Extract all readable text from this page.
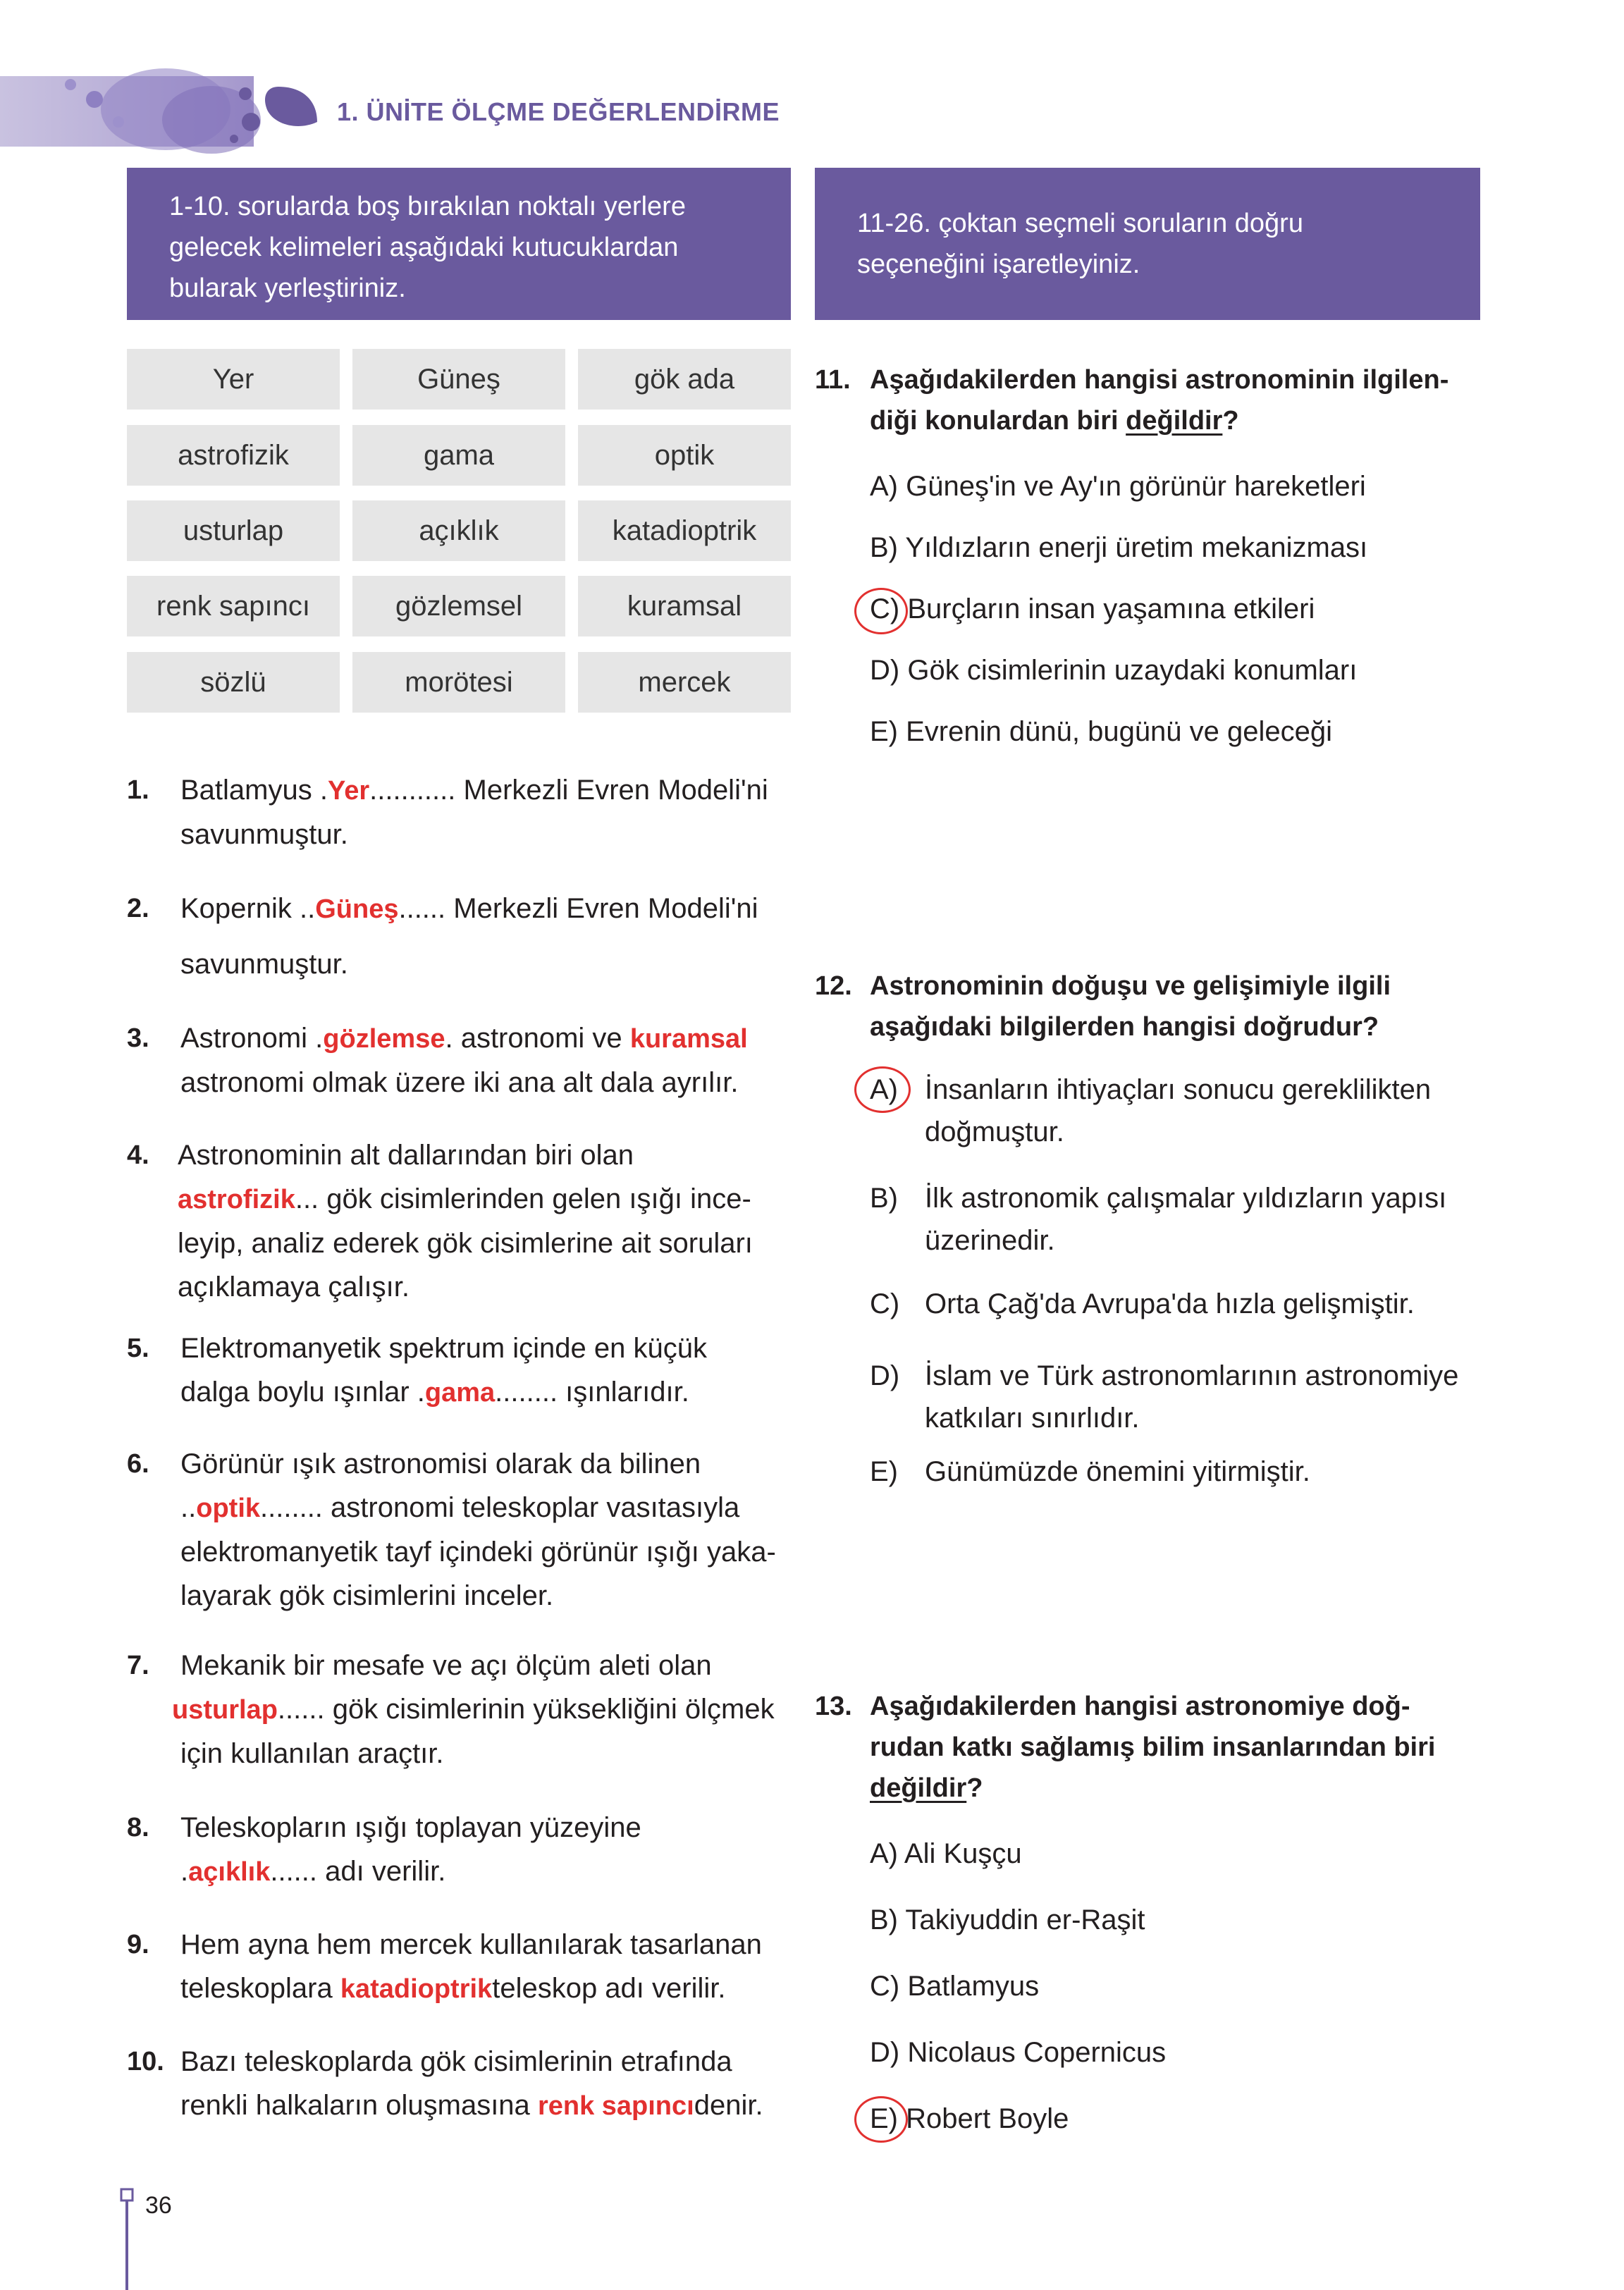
1. ÜNİTE ÖLÇME DEĞERLENDİRME
1-10. sorularda boş bırakılan noktalı yerlere gelecek kelimeleri aşağıdaki kutucuklardan bularak yerleştiriniz.
11-26. çoktan seçmeli soruların doğru seçeneğini işaretleyiniz.
Yer	Güneş	gök ada
astrofizik	gama	optik
usturlap	açıklık	katadioptrik
renk sapıncı	gözlemsel	kuramsal
sözlü	morötesi	mercek
1. Batlamyus .Yer........... Merkezli Evren Modeli'ni
savunmuştur.
2. Kopernik ..Güneş...... Merkezli Evren Modeli'ni
savunmuştur.
3. Astronomi .gözlemse. astronomi ve kuramsal
astronomi olmak üzere iki ana alt dala ayrılır.
4. Astronominin alt dallarından biri olan
astrofizik... gök cisimlerinden gelen ışığı ince-
leyip, analiz ederek gök cisimlerine ait soruları
açıklamaya çalışır.
5. Elektromanyetik spektrum içinde en küçük
dalga boylu ışınlar .gama........ ışınlarıdır.
6. Görünür ışık astronomisi olarak da bilinen
..optik........ astronomi teleskoplar vasıtasıyla
elektromanyetik tayf içindeki görünür ışığı yaka-
layarak gök cisimlerini inceler.
7.	Mekanik bir mesafe ve açı ölçüm aleti olan
usturlap...... gök cisimlerinin yüksekliğini ölçmek
için kullanılan araçtır.
8. Teleskopların ışığı toplayan yüzeyine
.açıklık...... adı verilir.
9. Hem ayna hem mercek kullanılarak tasarlanan
teleskoplara katadioptrikteleskop adı verilir.
10. Bazı teleskoplarda gök cisimlerinin etrafında
renkli halkaların oluşmasına renk sapıncıdenir.
11. Aşağıdakilerden hangisi astronominin ilgilen-
diği konulardan biri değildir?
A) Güneş'in ve Ay'ın görünür hareketleri
B) Yıldızların enerji üretim mekanizması
C) Burçların insan yaşamına etkileri
D) Gök cisimlerinin uzaydaki konumları
E) Evrenin dünü, bugünü ve geleceği
12. Astronominin doğuşu ve gelişimiyle ilgili
aşağıdaki bilgilerden hangisi doğrudur?
A) İnsanların ihtiyaçları sonucu gereklilikten
doğmuştur.
B) İlk astronomik çalışmalar yıldızların yapısı
üzerinedir.
C) Orta Çağ'da Avrupa'da hızla gelişmiştir.
D) İslam ve Türk astronomlarının astronomiye
katkıları sınırlıdır.
E) Günümüzde önemini yitirmiştir.
13. Aşağıdakilerden hangisi astronomiye doğ-
rudan katkı sağlamış bilim insanlarından biri
değildir?
A) Ali Kuşçu
B) Takiyuddin er-Raşit
C) Batlamyus
D) Nicolaus Copernicus
E) Robert Boyle
36
